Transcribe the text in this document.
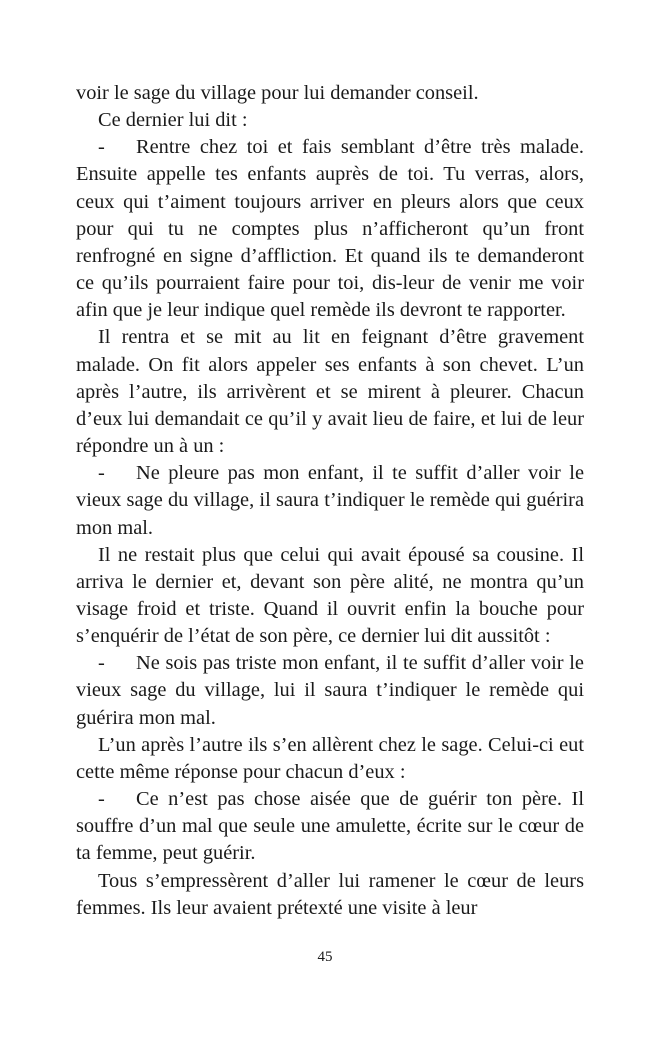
voir le sage du village pour lui demander conseil.

Ce dernier lui dit :

- Rentre chez toi et fais semblant d’être très malade. Ensuite appelle tes enfants auprès de toi. Tu verras, alors, ceux qui t’aiment toujours arriver en pleurs alors que ceux pour qui tu ne comptes plus n’afficheront qu’un front renfrogné en signe d’affliction. Et quand ils te demanderont ce qu’ils pourraient faire pour toi, dis-leur de venir me voir afin que je leur indique quel remède ils devront te rapporter.

Il rentra et se mit au lit en feignant d’être gravement malade. On fit alors appeler ses enfants à son chevet. L’un après l’autre, ils arrivèrent et se mirent à pleurer. Chacun d’eux lui demandait ce qu’il y avait lieu de faire, et lui de leur répondre un à un :

- Ne pleure pas mon enfant, il te suffit d’aller voir le vieux sage du village, il saura t’indiquer le remède qui guérira mon mal.

Il ne restait plus que celui qui avait épousé sa cousine. Il arriva le dernier et, devant son père alité, ne montra qu’un visage froid et triste. Quand il ouvrit enfin la bouche pour s’enquérir de l’état de son père, ce dernier lui dit aussitôt :

- Ne sois pas triste mon enfant, il te suffit d’aller voir le vieux sage du village, lui il saura t’indiquer le remède qui guérira mon mal.

L’un après l’autre ils s’en allèrent chez le sage. Celui-ci eut cette même réponse pour chacun d’eux :

- Ce n’est pas chose aisée que de guérir ton père. Il souffre d’un mal que seule une amulette, écrite sur le cœur de ta femme, peut guérir.

Tous s’empressèrent d’aller lui ramener le cœur de leurs femmes. Ils leur avaient prétexté une visite à leur

45
